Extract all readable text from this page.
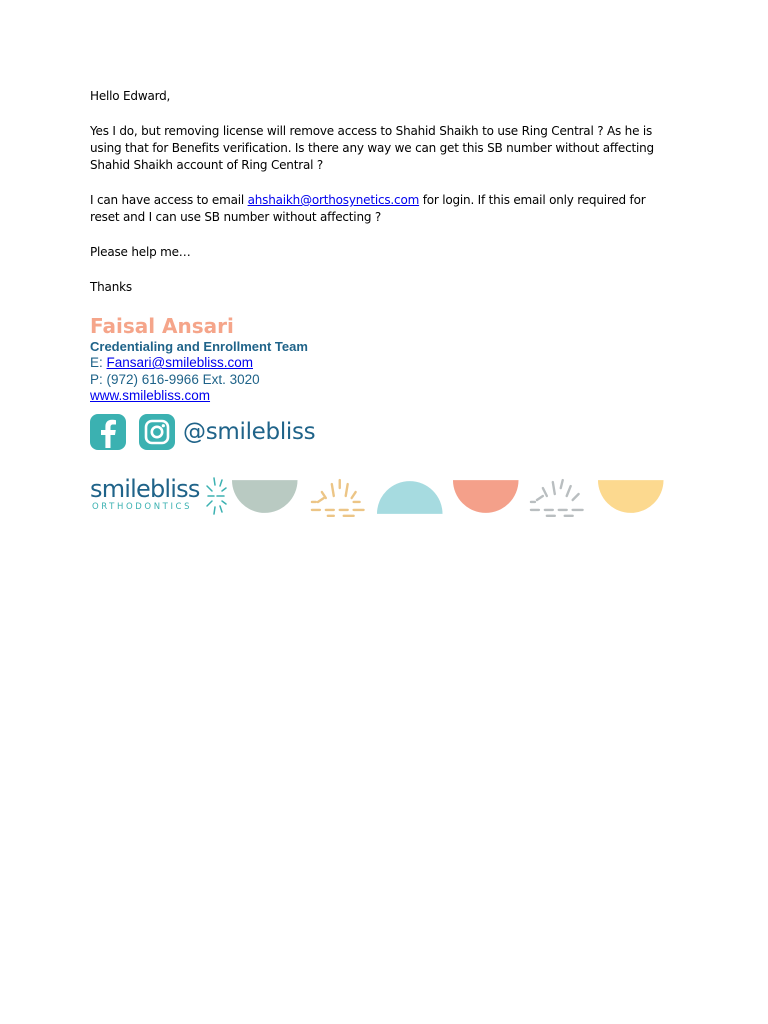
Hello Edward,

Yes I do, but removing license will remove access to Shahid Shaikh to use Ring Central ? As he is using that for Benefits verification. Is there any way we can get this SB number without affecting Shahid Shaikh account of Ring Central ?

I can have access to email ahshaikh@orthosynetics.com for login. If this email only required for reset and I can use SB number without affecting ?

Please help me…

Thanks

Faisal Ansari
Credentialing and Enrollment Team
E: Fansari@smilebliss.com
P: (972) 616-9966 Ext. 3020
www.smilebliss.com
@smilebliss
smilebliss
ORTHODONTICS
